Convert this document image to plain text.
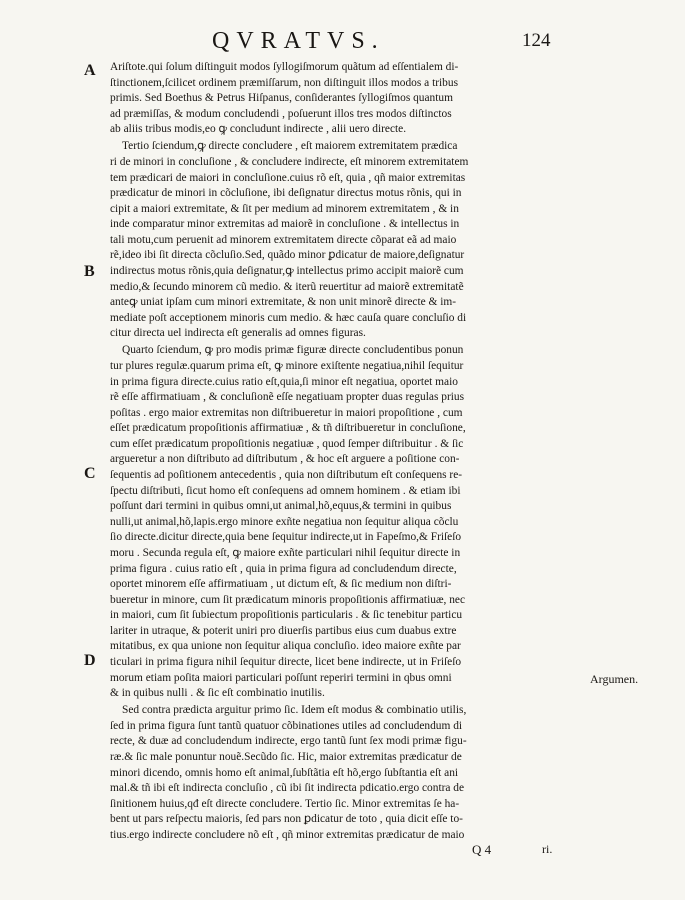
QVRATVS.	124
A
B
C
D
Argumen.
Ariſtote.qui ſolum diſtinguit modos ſyllogiſmorum quãtum ad eſſentialem di-
ſtinctionem,ſcilicet ordinem præmiſſarum, non diſtinguit illos modos a tribus
primis. Sed Boethus & Petrus Hiſpanus, conſiderantes ſyllogiſmos quantum
ad præmiſſas, & modum concludendi , poſuerunt illos tres modos diſtinctos
ab aliis tribus modis,eo ꝙ concludunt indirecte , alii uero directe.
Tertio ſciendum,ꝙ directe concludere , eſt maiorem extremitatem prædica
ri de minori in concluſione , & concludere indirecte, eſt minorem extremitatem
tem prædicari de maiori in concluſione.cuius rõ eſt, quia , qñ maior extremitas
prædicatur de minori in cõcluſione, ibi deſignatur directus motus rõnis, qui in
cipit a maiori extremitate, & ſit per medium ad minorem extremitatem , & in
inde comparatur minor extremitas ad maiorẽ in concluſione . & intellectus in
tali motu,cum peruenit ad minorem extremitatem directe cõparat eã ad maio
rẽ,ideo ibi ſit directa cõcluſio.Sed, quãdo minor ꝑdicatur de maiore,deſignatur
indirectus motus rõnis,quia deſignatur,ꝙ intellectus primo accipit maiorẽ cum
medio,& ſecundo minorem cũ medio. & iterũ reuertitur ad maiorẽ extremitatẽ
anteꝙ uniat ipſam cum minori extremitate, & non unit minorẽ directe & im-
mediate poſt acceptionem minoris cum medio. & hæc cauſa quare concluſio di
citur directa uel indirecta eſt generalis ad omnes figuras.
Quarto ſciendum, ꝙ pro modis primæ figuræ directe concludentibus ponun
tur plures regulæ.quarum prima eſt, ꝙ minore exiſtente negatiua,nihil ſequitur
in prima figura directe.cuius ratio eſt,quia,ſi minor eſt negatiua, oportet maio
rẽ eſſe affirmatiuam , & concluſionẽ eſſe negatiuam propter duas regulas prius
poſitas . ergo maior extremitas non diſtribueretur in maiori propoſitione , cum
eſſet prædicatum propoſitionis affirmatiuæ , & tñ diſtribueretur in concluſione,
cum eſſet prædicatum propoſitionis negatiuæ , quod ſemper diſtribuitur . & ſic
argueretur a non diſtributo ad diſtributum , & hoc eſt arguere a poſitione con-
ſequentis ad poſitionem antecedentis , quia non diſtributum eſt conſequens re-
ſpectu diſtributi, ſicut homo eſt conſequens ad omnem hominem . & etiam ibi
poſſunt dari termini in quibus omni,ut animal,hõ,equus,& termini in quibus
nulli,ut animal,hõ,lapis.ergo minore exñte negatiua non ſequitur aliqua cõclu
ſio directe.dicitur directe,quia bene ſequitur indirecte,ut in Fapeſmo,& Friſeſo
moru . Secunda regula eſt, ꝙ maiore exñte particulari nihil ſequitur directe in
prima figura . cuius ratio eſt , quia in prima figura ad concludendum directe,
oportet minorem eſſe affirmatiuam , ut dictum eſt, & ſic medium non diſtri-
bueretur in minore, cum ſit prædicatum minoris propoſitionis affirmatiuæ, nec
in maiori, cum ſit ſubiectum propoſitionis particularis . & ſic tenebitur particu
lariter in utraque, & poterit uniri pro diuerſis partibus eius cum duabus extre
mitatibus, ex qua unione non ſequitur aliqua concluſio. ideo maiore exñte par
ticulari in prima figura nihil ſequitur directe, licet bene indirecte, ut in Friſeſo
morum etiam poſita maiori particulari poſſunt reperiri termini in qbus omni
& in quibus nulli . & ſic eſt combinatio inutilis.
Sed contra prædicta arguitur primo ſic. Idem eſt modus & combinatio utilis,
ſed in prima figura ſunt tantũ quatuor cõbinationes utiles ad concludendum di
recte, & duæ ad concludendum indirecte, ergo tantũ ſunt ſex modi primæ figu-
ræ.& ſic male ponuntur nouẽ.Secũdo ſic. Hic, maior extremitas prædicatur de
minori dicendo, omnis homo eſt animal,ſubſtãtia eſt hõ,ergo ſubſtantia eſt ani
mal.& tñ ibi eſt indirecta concluſio , cũ ibi ſit indirecta pdicatio.ergo contra de
ſinitionem huius,qđ eſt directe concludere. Tertio ſic. Minor extremitas ſe ha-
bent ut pars reſpectu maioris, ſed pars non ꝑdicatur de toto , quia dicit eſſe to-
tius.ergo indirecte concludere nõ eſt , qñ minor extremitas prædicatur de maio
Q 4	ri.
